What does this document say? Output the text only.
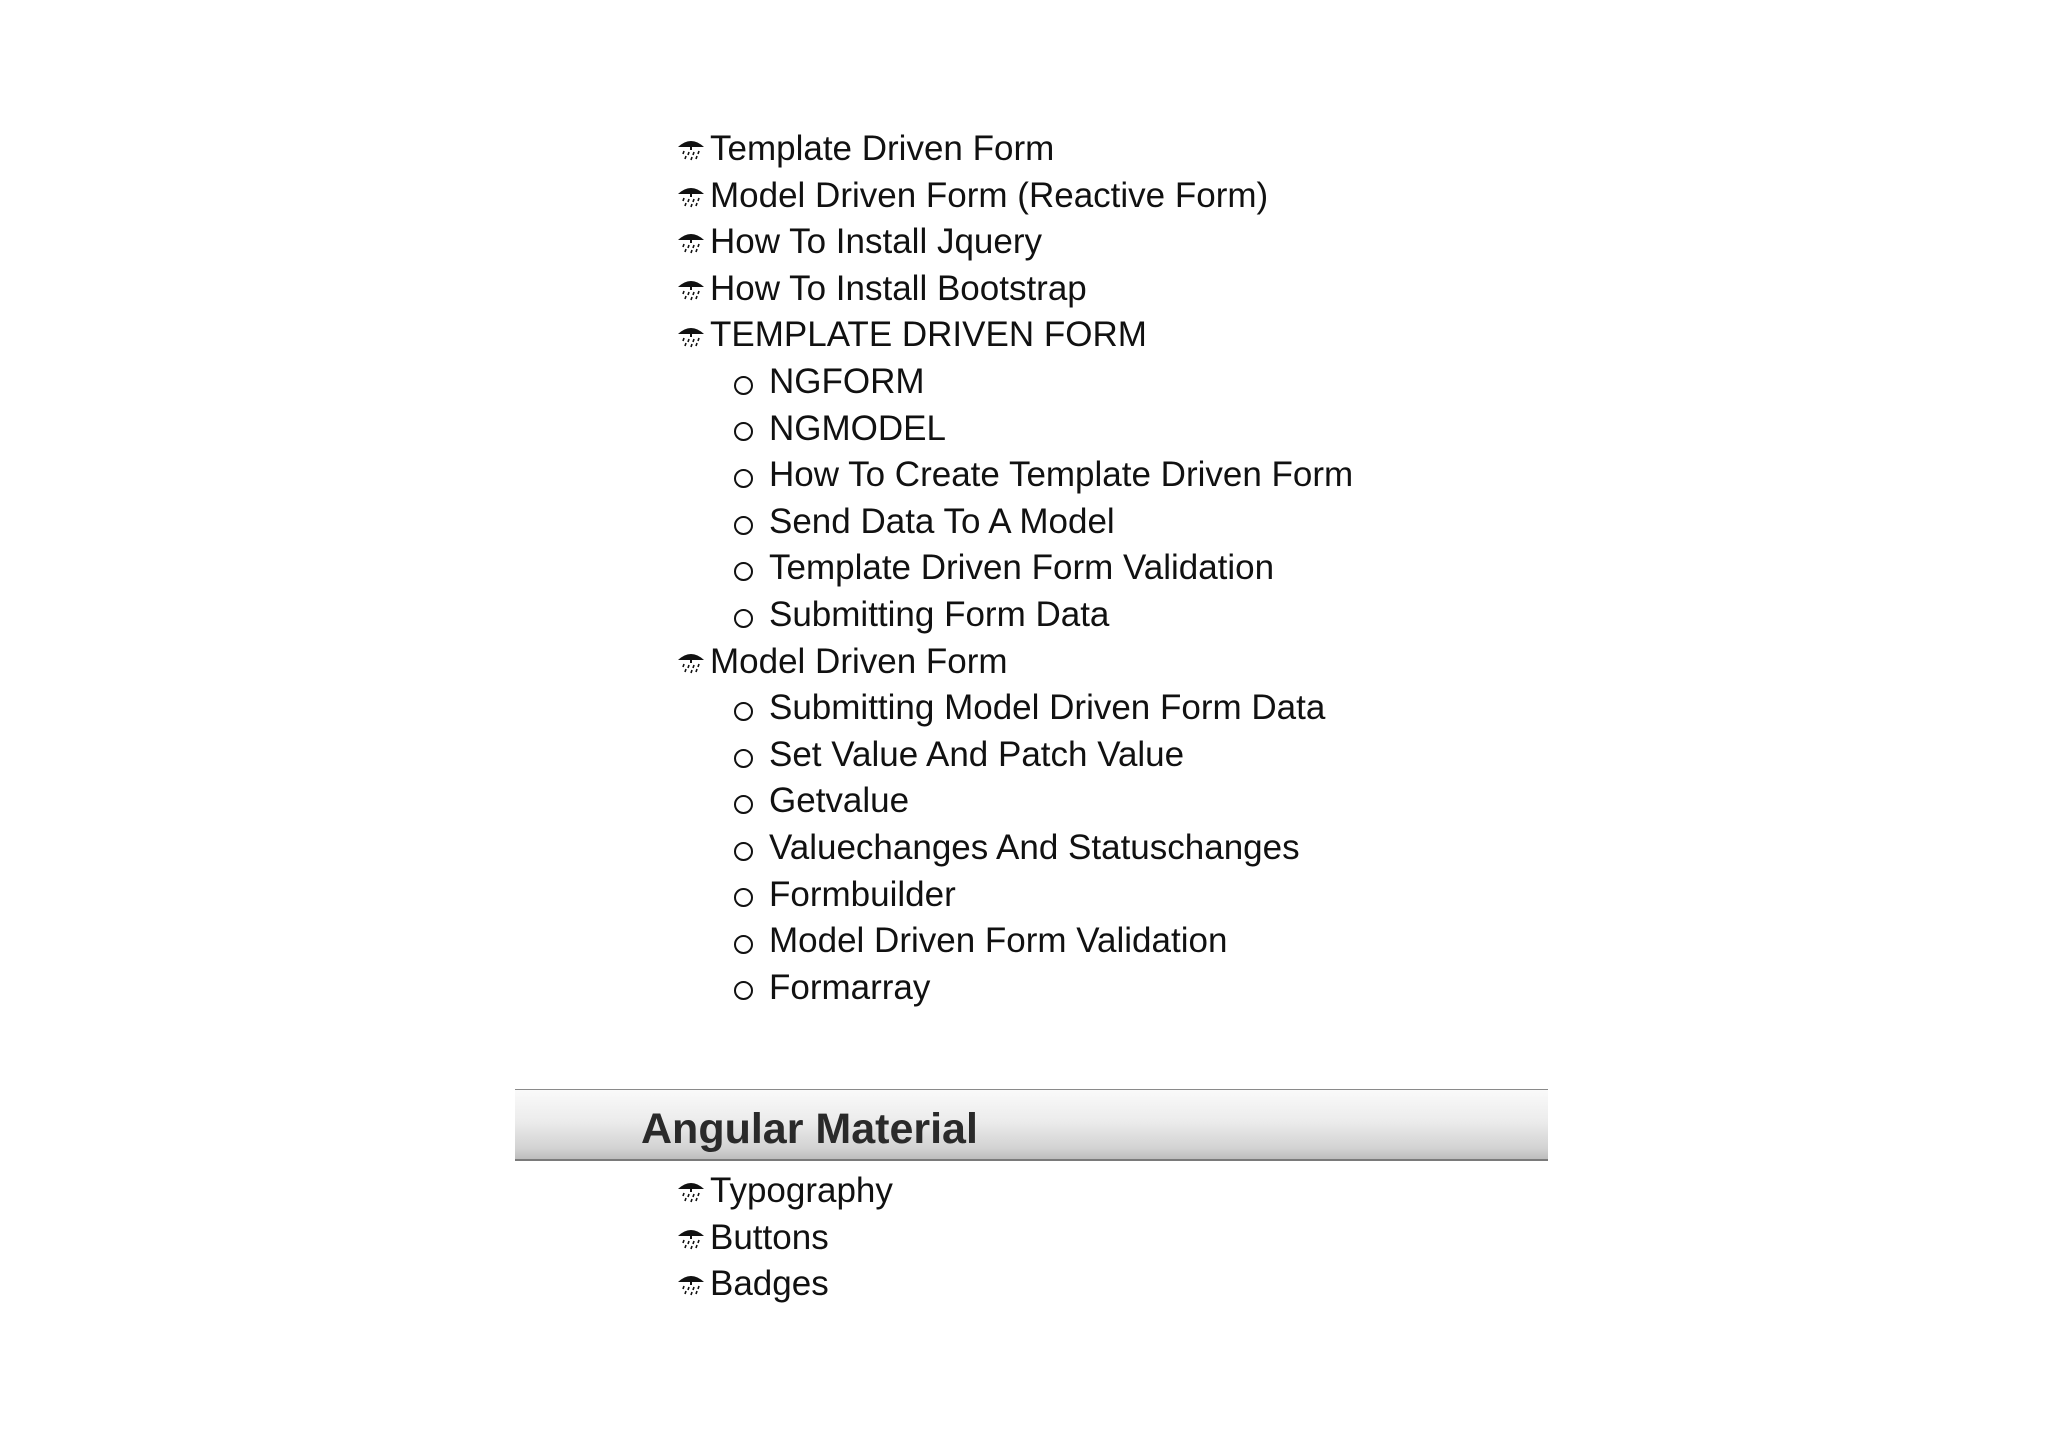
Template Driven Form
Model Driven Form (Reactive Form)
How To Install Jquery
How To Install Bootstrap
TEMPLATE DRIVEN FORM
NGFORM
NGMODEL
How To Create Template Driven Form
Send Data To A Model
Template Driven Form Validation
Submitting Form Data
Model Driven Form
Submitting Model Driven Form Data
Set Value And Patch Value
Getvalue
Valuechanges And Statuschanges
Formbuilder
Model Driven Form Validation
Formarray
Angular Material
Typography
Buttons
Badges
